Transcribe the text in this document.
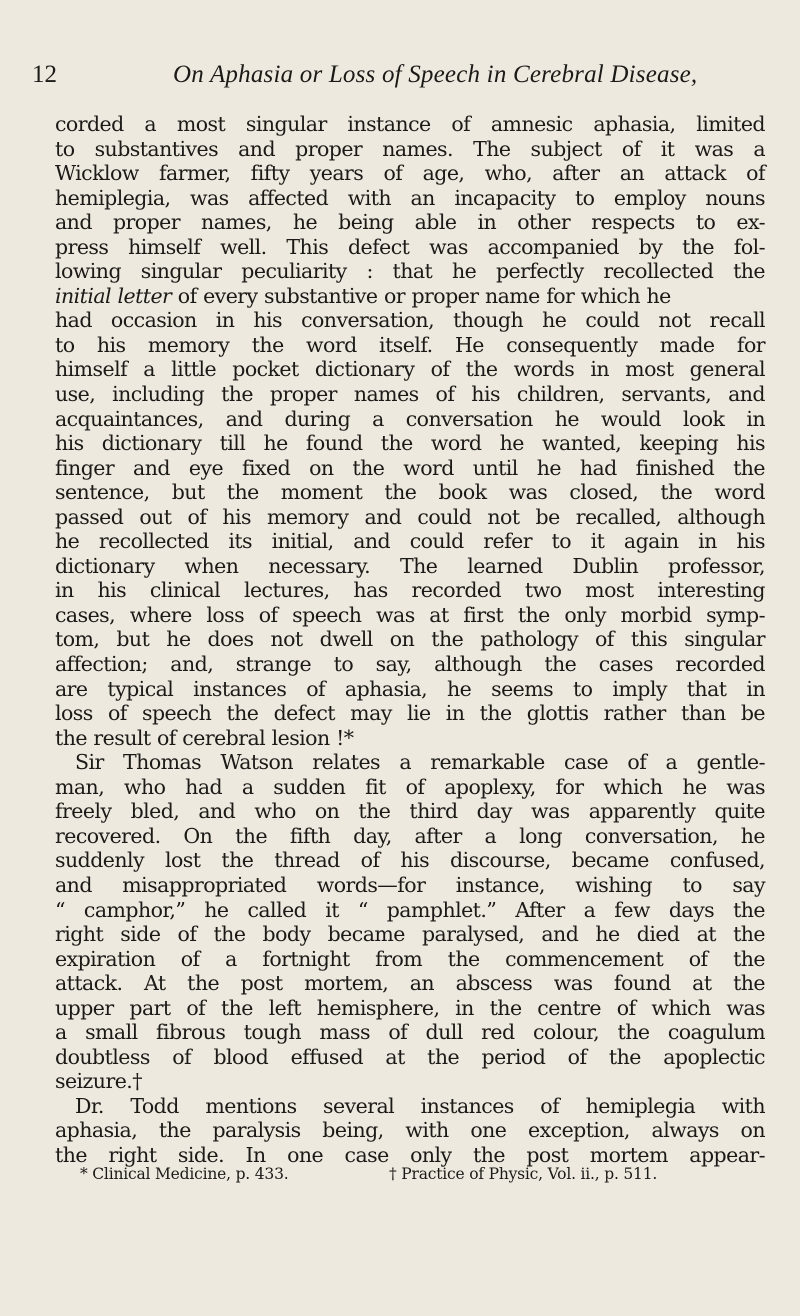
12	On Aphasia or Loss of Speech in Cerebral Disease,
corded a most singular instance of amnesic aphasia, limited
to substantives and proper names. The subject of it was a
Wicklow farmer, fifty years of age, who, after an attack of
hemiplegia, was affected with an incapacity to employ nouns
and proper names, he being able in other respects to ex-
press himself well. This defect was accompanied by the fol-
lowing singular peculiarity : that he perfectly recollected the
initial letter of every substantive or proper name for which he
had occasion in his conversation, though he could not recall
to his memory the word itself. He consequently made for
himself a little pocket dictionary of the words in most general
use, including the proper names of his children, servants, and
acquaintances, and during a conversation he would look in
his dictionary till he found the word he wanted, keeping his
finger and eye fixed on the word until he had finished the
sentence, but the moment the book was closed, the word
passed out of his memory and could not be recalled, although
he recollected its initial, and could refer to it again in his
dictionary when necessary. The learned Dublin professor,
in his clinical lectures, has recorded two most interesting
cases, where loss of speech was at first the only morbid symp-
tom, but he does not dwell on the pathology of this singular
affection; and, strange to say, although the cases recorded
are typical instances of aphasia, he seems to imply that in
loss of speech the defect may lie in the glottis rather than be
the result of cerebral lesion !*
Sir Thomas Watson relates a remarkable case of a gentle-
man, who had a sudden fit of apoplexy, for which he was
freely bled, and who on the third day was apparently quite
recovered. On the fifth day, after a long conversation, he
suddenly lost the thread of his discourse, became confused,
and misappropriated words—for instance, wishing to say
“ camphor,” he called it “ pamphlet.” After a few days the
right side of the body became paralysed, and he died at the
expiration of a fortnight from the commencement of the
attack. At the post mortem, an abscess was found at the
upper part of the left hemisphere, in the centre of which was
a small fibrous tough mass of dull red colour, the coagulum
doubtless of blood effused at the period of the apoplectic
seizure.†
Dr. Todd mentions several instances of hemiplegia with
aphasia, the paralysis being, with one exception, always on
the right side. In one case only the post mortem appear-
* Clinical Medicine, p. 433.	† Practice of Physic, Vol. ii., p. 511.
